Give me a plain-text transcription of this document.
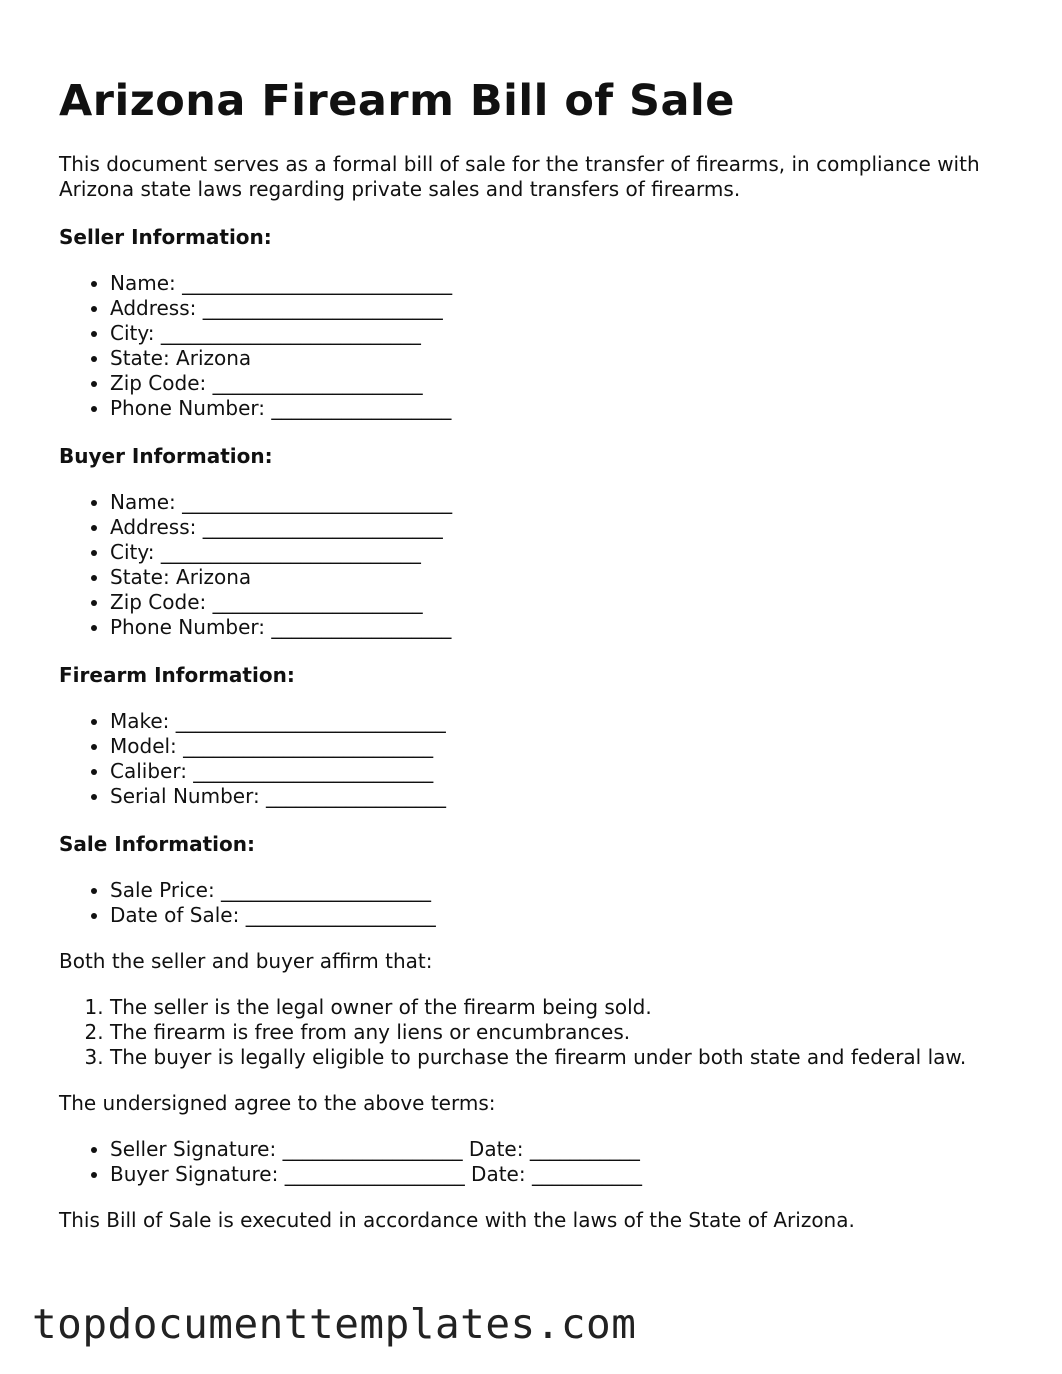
Arizona Firearm Bill of Sale

This document serves as a formal bill of sale for the transfer of firearms, in compliance with Arizona state laws regarding private sales and transfers of firearms.

Seller Information:
• Name: ___________________________
• Address: ________________________
• City: __________________________
• State: Arizona
• Zip Code: _____________________
• Phone Number: __________________
Buyer Information:
• Name: ___________________________
• Address: ________________________
• City: __________________________
• State: Arizona
• Zip Code: _____________________
• Phone Number: __________________
Firearm Information:
• Make: ___________________________
• Model: _________________________
• Caliber: ________________________
• Serial Number: __________________
Sale Information:
• Sale Price: _____________________
• Date of Sale: ___________________

Both the seller and buyer affirm that:

1. The seller is the legal owner of the firearm being sold.
2. The firearm is free from any liens or encumbrances.
3. The buyer is legally eligible to purchase the firearm under both state and federal law.

The undersigned agree to the above terms:

• Seller Signature: __________________ Date: ___________
• Buyer Signature: __________________ Date: ___________

This Bill of Sale is executed in accordance with the laws of the State of Arizona.

topdocumenttemplates.com
